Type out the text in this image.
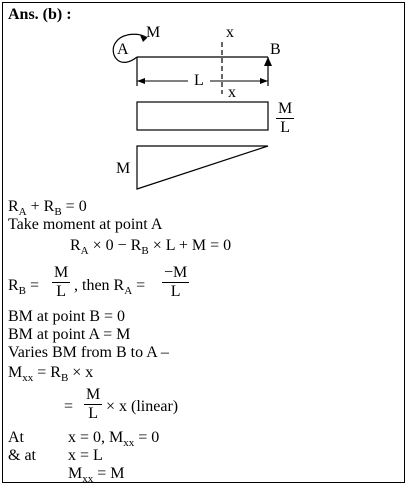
Ans. (b) :
M
A	B
x
x
L
$\frac{M}{L}$
M
$R_A + R_B = 0$
Take moment at point A
$R_A \times 0 - R_B \times L + M = 0$
$R_B = \frac{M}{L}$ , then $R_A = \frac{-M}{L}$
BM at point B = 0
BM at point A = M
Varies BM from B to A –
$M_{xx} = R_B \times x$
= $\frac{M}{L} \times x$ (linear)
At	x = 0, $M_{xx} = 0$
& at x = L
$M_{xx} = M$
